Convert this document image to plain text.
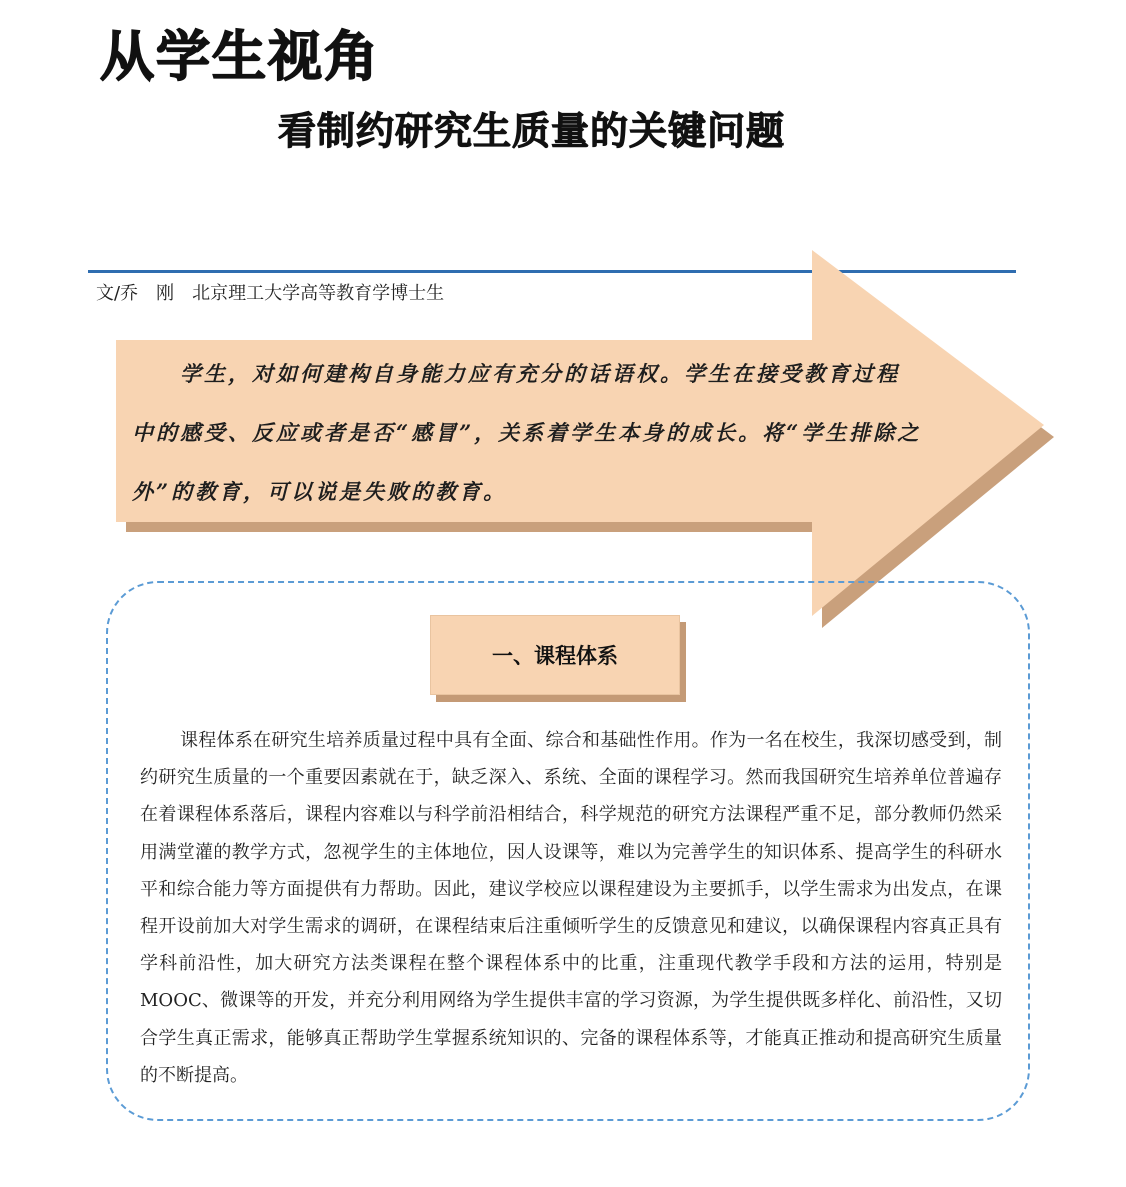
从学生视角
看制约研究生质量的关键问题
文/乔　刚　北京理工大学高等教育学博士生
学生，对如何建构自身能力应有充分的话语权。学生在接受教育过程中的感受、反应或者是否“感冒”，关系着学生本身的成长。将“学生排除之外”的教育，可以说是失败的教育。
一、课程体系
课程体系在研究生培养质量过程中具有全面、综合和基础性作用。作为一名在校生，我深切感受到，制约研究生质量的一个重要因素就在于，缺乏深入、系统、全面的课程学习。然而我国研究生培养单位普遍存在着课程体系落后，课程内容难以与科学前沿相结合，科学规范的研究方法课程严重不足，部分教师仍然采用满堂灌的教学方式，忽视学生的主体地位，因人设课等，难以为完善学生的知识体系、提高学生的科研水平和综合能力等方面提供有力帮助。因此，建议学校应以课程建设为主要抓手，以学生需求为出发点，在课程开设前加大对学生需求的调研，在课程结束后注重倾听学生的反馈意见和建议，以确保课程内容真正具有学科前沿性，加大研究方法类课程在整个课程体系中的比重，注重现代教学手段和方法的运用，特别是 MOOC、微课等的开发，并充分利用网络为学生提供丰富的学习资源，为学生提供既多样化、前沿性，又切合学生真正需求，能够真正帮助学生掌握系统知识的、完备的课程体系等，才能真正推动和提高研究生质量的不断提高。
